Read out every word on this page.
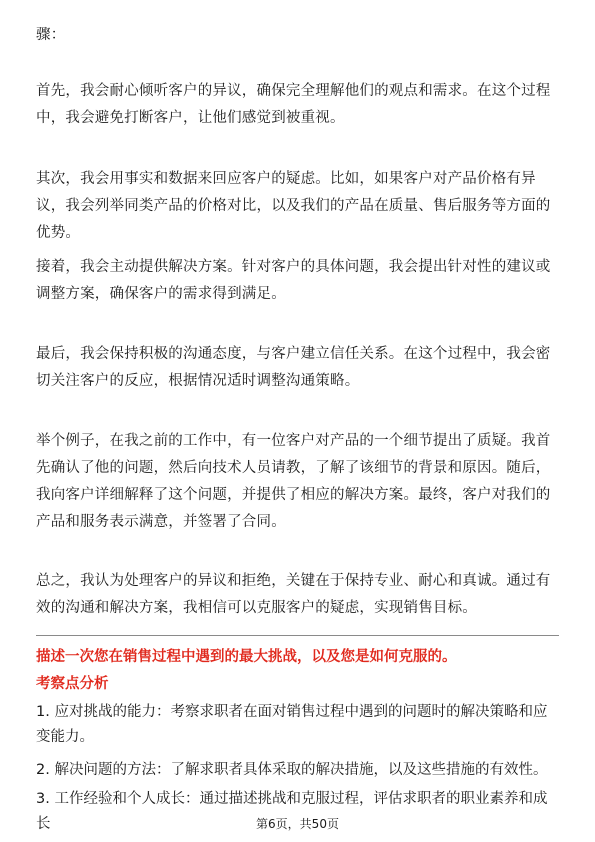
骤：

首先，我会耐心倾听客户的异议，确保完全理解他们的观点和需求。在这个过程中，我会避免打断客户，让他们感觉到被重视。

其次，我会用事实和数据来回应客户的疑虑。比如，如果客户对产品价格有异议，我会列举同类产品的价格对比，以及我们的产品在质量、售后服务等方面的优势。

接着，我会主动提供解决方案。针对客户的具体问题，我会提出针对性的建议或调整方案，确保客户的需求得到满足。

最后，我会保持积极的沟通态度，与客户建立信任关系。在这个过程中，我会密切关注客户的反应，根据情况适时调整沟通策略。

举个例子，在我之前的工作中，有一位客户对产品的一个细节提出了质疑。我首先确认了他的问题，然后向技术人员请教，了解了该细节的背景和原因。随后，我向客户详细解释了这个问题，并提供了相应的解决方案。最终，客户对我们的产品和服务表示满意，并签署了合同。

总之，我认为处理客户的异议和拒绝，关键在于保持专业、耐心和真诚。通过有效的沟通和解决方案，我相信可以克服客户的疑虑，实现销售目标。

描述一次您在销售过程中遇到的最大挑战，以及您是如何克服的。

考察点分析

1. 应对挑战的能力：考察求职者在面对销售过程中遇到的问题时的解决策略和应变能力。

2. 解决问题的方法：了解求职者具体采取的解决措施，以及这些措施的有效性。

3. 工作经验和个人成长：通过描述挑战和克服过程，评估求职者的职业素养和成长	第6页，共50页
